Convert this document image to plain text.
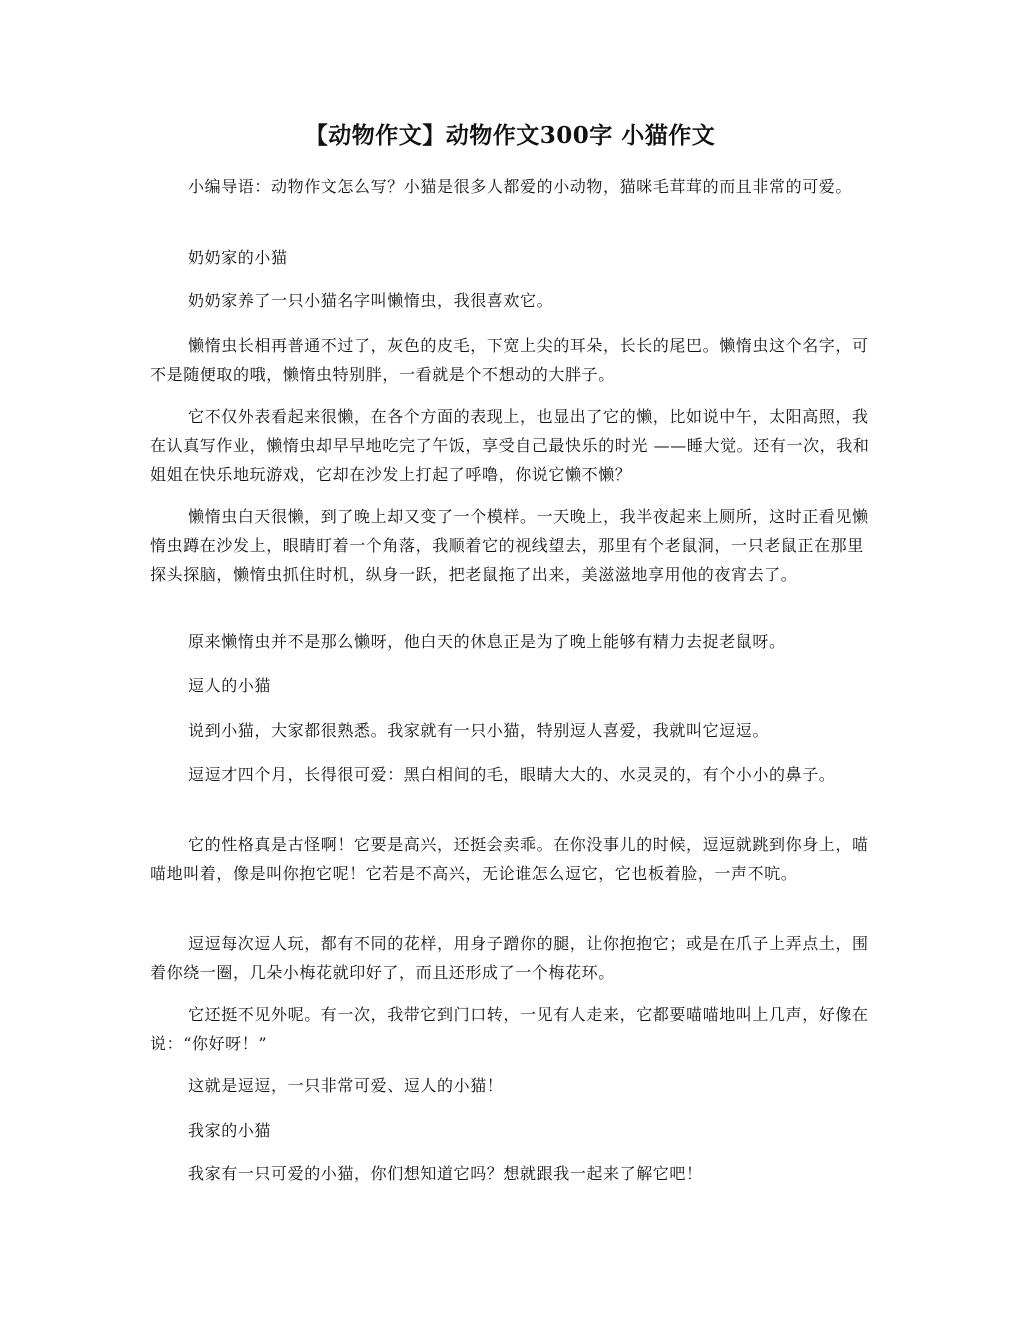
【动物作文】动物作文300字 小猫作文

小编导语：动物作文怎么写？小猫是很多人都爱的小动物，猫咪毛茸茸的而且非常的可爱。

奶奶家的小猫

奶奶家养了一只小猫名字叫懒惰虫，我很喜欢它。

懒惰虫长相再普通不过了，灰色的皮毛，下宽上尖的耳朵，长长的尾巴。懒惰虫这个名字，可不是随便取的哦，懒惰虫特别胖，一看就是个不想动的大胖子。

它不仅外表看起来很懒，在各个方面的表现上，也显出了它的懒，比如说中午，太阳高照，我在认真写作业，懒惰虫却早早地吃完了午饭，享受自己最快乐的时光 ——睡大觉。还有一次，我和姐姐在快乐地玩游戏，它却在沙发上打起了呼噜，你说它懒不懒？

懒惰虫白天很懒，到了晚上却又变了一个模样。一天晚上，我半夜起来上厕所，这时正看见懒惰虫蹲在沙发上，眼睛盯着一个角落，我顺着它的视线望去，那里有个老鼠洞，一只老鼠正在那里探头探脑，懒惰虫抓住时机，纵身一跃，把老鼠拖了出来，美滋滋地享用他的夜宵去了。

原来懒惰虫并不是那么懒呀，他白天的休息正是为了晚上能够有精力去捉老鼠呀。

逗人的小猫

说到小猫，大家都很熟悉。我家就有一只小猫，特别逗人喜爱，我就叫它逗逗。

逗逗才四个月，长得很可爱：黑白相间的毛，眼睛大大的、水灵灵的，有个小小的鼻子。

它的性格真是古怪啊！它要是高兴，还挺会卖乖。在你没事儿的时候，逗逗就跳到你身上，喵喵地叫着，像是叫你抱它呢！它若是不高兴，无论谁怎么逗它，它也板着脸，一声不吭。

逗逗每次逗人玩，都有不同的花样，用身子蹭你的腿，让你抱抱它；或是在爪子上弄点土，围着你绕一圈，几朵小梅花就印好了，而且还形成了一个梅花环。

它还挺不见外呢。有一次，我带它到门口转，一见有人走来，它都要喵喵地叫上几声，好像在说：“你好呀！”

这就是逗逗，一只非常可爱、逗人的小猫！

我家的小猫

我家有一只可爱的小猫，你们想知道它吗？想就跟我一起来了解它吧！
